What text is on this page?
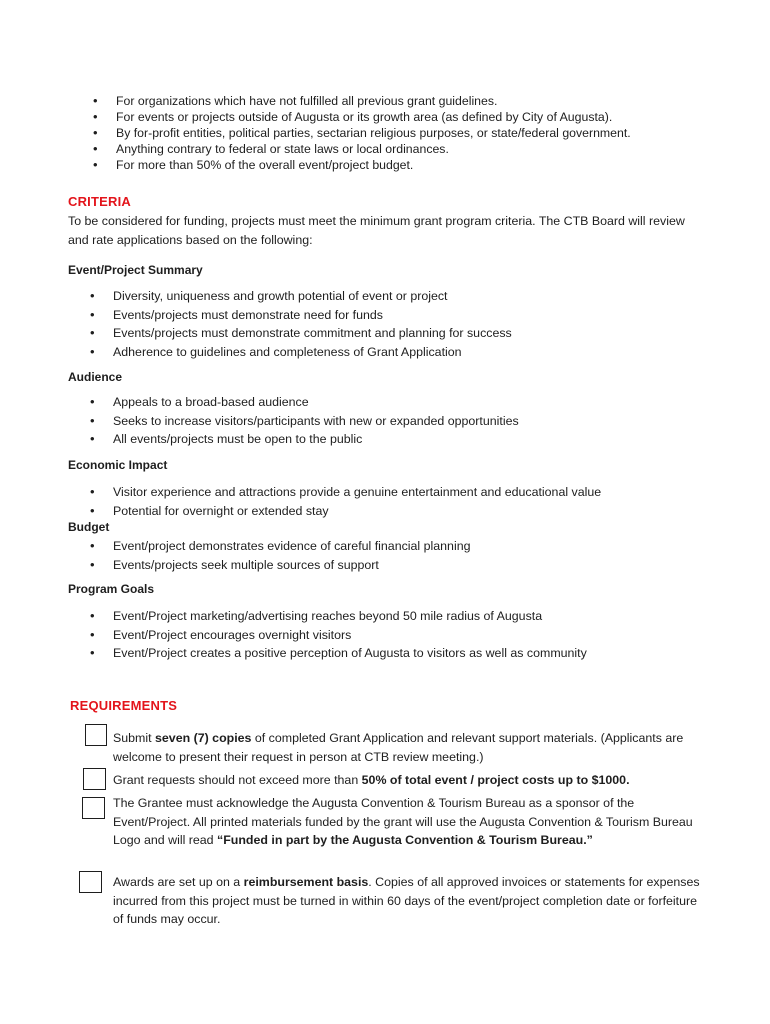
• For organizations which have not fulfilled all previous grant guidelines.
• For events or projects outside of Augusta or its growth area (as defined by City of Augusta).
• By for-profit entities, political parties, sectarian religious purposes, or state/federal government.
• Anything contrary to federal or state laws or local ordinances.
• For more than 50% of the overall event/project budget.
CRITERIA
To be considered for funding, projects must meet the minimum grant program criteria. The CTB Board will review and rate applications based on the following:
Event/Project Summary
• Diversity, uniqueness and growth potential of event or project
• Events/projects must demonstrate need for funds
• Events/projects must demonstrate commitment and planning for success
• Adherence to guidelines and completeness of Grant Application
Audience
• Appeals to a broad-based audience
• Seeks to increase visitors/participants with new or expanded opportunities
• All events/projects must be open to the public
Economic Impact
• Visitor experience and attractions provide a genuine entertainment and educational value
• Potential for overnight or extended stay
Budget
• Event/project demonstrates evidence of careful financial planning
• Events/projects seek multiple sources of support
Program Goals
• Event/Project marketing/advertising reaches beyond 50 mile radius of Augusta
• Event/Project encourages overnight visitors
• Event/Project creates a positive perception of Augusta to visitors as well as community
REQUIREMENTS
Submit seven (7) copies of completed Grant Application and relevant support materials. (Applicants are welcome to present their request in person at CTB review meeting.)
Grant requests should not exceed more than 50% of total event / project costs up to $1000.
The Grantee must acknowledge the Augusta Convention & Tourism Bureau as a sponsor of the Event/Project. All printed materials funded by the grant will use the Augusta Convention & Tourism Bureau Logo and will read “Funded in part by the Augusta Convention & Tourism Bureau.”
Awards are set up on a reimbursement basis. Copies of all approved invoices or statements for expenses incurred from this project must be turned in within 60 days of the event/project completion date or forfeiture of funds may occur.
